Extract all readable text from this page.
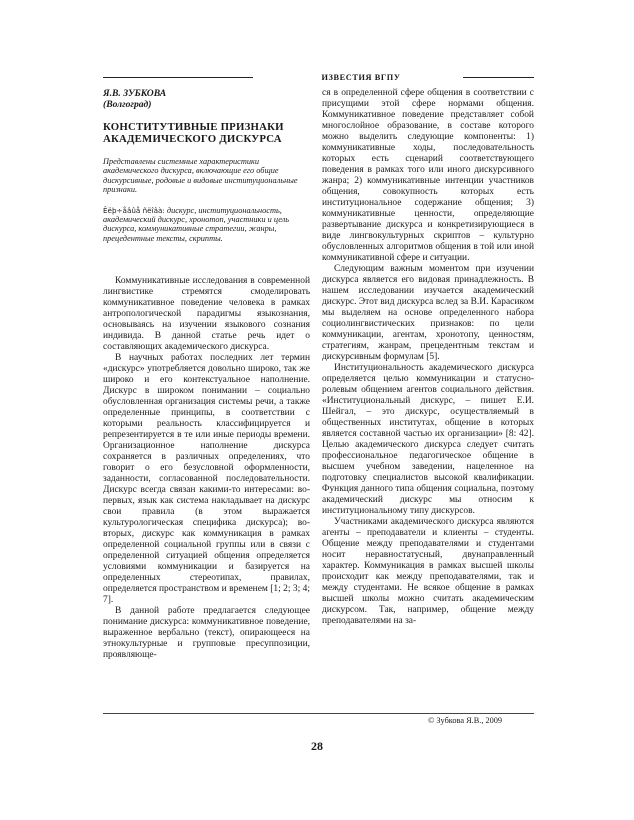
ИЗВЕСТИЯ ВГПУ
Я.В. ЗУБКОВА
(Волгоград)
КОНСТИТУТИВНЫЕ ПРИЗНАКИ
АКАДЕМИЧЕСКОГО ДИСКУРСА
Представлены системные характеристики академического дискурса, включающие его общие дискурсивные, родовые и видовые институциональные признаки.
Êëþ÷åâûå ñëîâà: дискурс, институциональность, академический дискурс, хронотоп, участники и цель дискурса, коммуникативные стратегии, жанры, прецедентные тексты, скрипты.

Коммуникативные исследования в современной лингвистике стремятся смоделировать коммуникативное поведение человека в рамках антропологической парадигмы языкознания, основываясь на изучении языкового сознания индивида. В данной статье речь идет о составляющих академического дискурса.

В научных работах последних лет термин «дискурс» употребляется довольно широко, так же широко и его контекстуальное наполнение. Дискурс в широком понимании – социально обусловленная организация системы речи, а также определенные принципы, в соответствии с которыми реальность классифицируется и репрезентируется в те или иные периоды времени. Организационное наполнение дискурса сохраняется в различных определениях, что говорит о его безусловной оформленности, заданности, согласованной последовательности. Дискурс всегда связан какими-то интересами: во-первых, язык как система накладывает на дискурс свои правила (в этом выражается культурологическая специфика дискурса); во-вторых, дискурс как коммуникация в рамках определенной социальной группы или в связи с определенной ситуацией общения определяется условиями коммуникации и базируется на определенных стереотипах, правилах, определяется пространством и временем [1; 2; 3; 4; 7].

В данной работе предлагается следующее понимание дискурса: коммуникативное поведение, выраженное вербально (текст), опирающееся на этнокультурные и групповые пресуппозиции, проявляюще-

ся в определенной сфере общения в соответствии с присущими этой сфере нормами общения. Коммуникативное поведение представляет собой многослойное образование, в составе которого можно выделить следующие компоненты: 1) коммуникативные ходы, последовательность которых есть сценарий соответствующего поведения в рамках того или иного дискурсивного жанра; 2) коммуникативные интенции участников общения, совокупность которых есть институциональное содержание общения; 3) коммуникативные ценности, определяющие развертывание дискурса и конкретизирующиеся в виде лингвокультурных скриптов – культурно обусловленных алгоритмов общения в той или иной коммуникативной сфере и ситуации.

Следующим важным моментом при изучении дискурса является его видовая принадлежность. В нашем исследовании изучается академический дискурс. Этот вид дискурса вслед за В.И. Карасиком мы выделяем на основе определенного набора социолингвистических признаков: по цели коммуникации, агентам, хронотопу, ценностям, стратегиям, жанрам, прецедентным текстам и дискурсивным формулам [5].

Институциональность академического дискурса определяется целью коммуникации и статусно-ролевым общением агентов социального действия. «Институциональный дискурс, – пишет Е.И. Шейгал, – это дискурс, осуществляемый в общественных институтах, общение в которых является составной частью их организации» [8: 42]. Целью академического дискурса следует считать профессиональное педагогическое общение в высшем учебном заведении, нацеленное на подготовку специалистов высокой квалификации. Функция данного типа общения социальна, поэтому академический дискурс мы относим к институциональному типу дискурсов.

Участниками академического дискурса являются агенты – преподаватели и клиенты – студенты. Общение между преподавателями и студентами носит неравностатусный, двунаправленный характер. Коммуникация в рамках высшей школы происходит как между преподавателями, так и между студентами. Не всякое общение в рамках высшей школы можно считать академическим дискурсом. Так, например, общение между преподавателями на за-

© Зубкова Я.В., 2009
28
